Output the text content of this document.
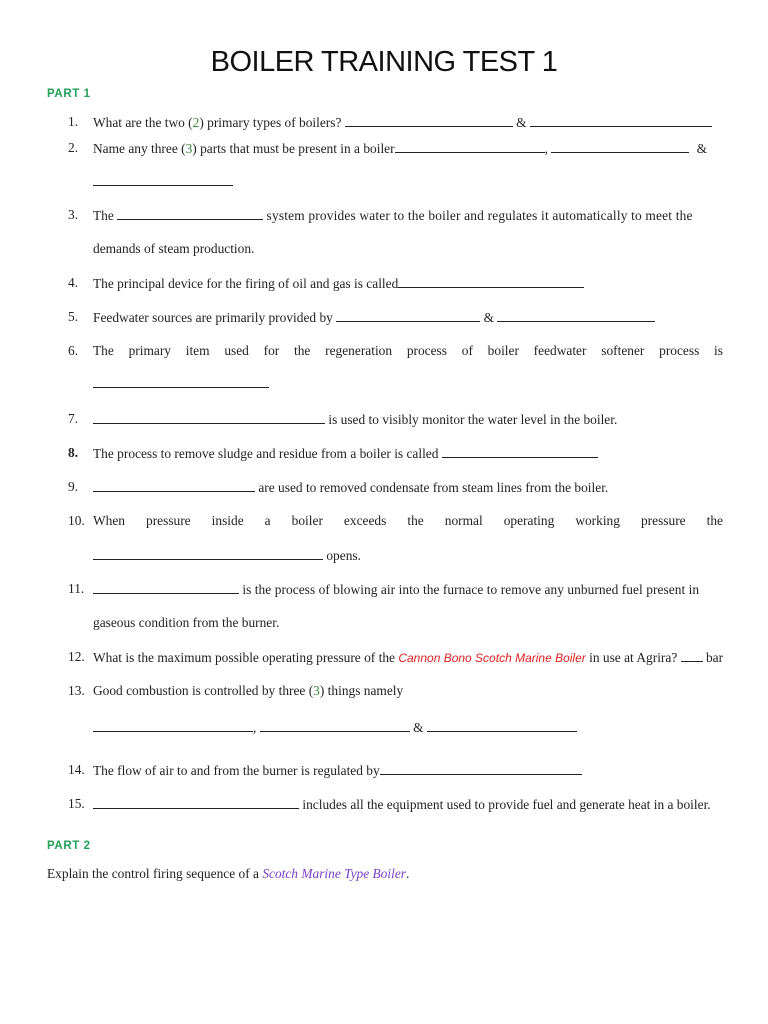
BOILER TRAINING TEST 1
PART 1
1.	What are the two (2) primary types of boilers?	&
2.	Name any three (3) parts that must be present in a boiler	,	&
3.	The	system provides water to the boiler and regulates it automatically to meet the
demands of steam production.
4.	The principal device for the firing of oil and gas is called
5.	Feedwater sources are primarily provided by	&
6.	The primary item used for the regeneration process of boiler feedwater softener process is
7.	is used to visibly monitor the water level in the boiler.
8.	The process to remove sludge and residue from a boiler is called
9.	are used to removed condensate from steam lines from the boiler.
10. When pressure inside a boiler exceeds the normal operating working pressure the
opens.
11.	is the process of blowing air into the furnace to remove any unburned fuel present in
gaseous condition from the burner.
12. What is the maximum possible operating pressure of the Cannon Bono Scotch Marine Boiler in use at Agrira? bar
13. Good combustion is controlled by three (3) things namely
,	&
14. The flow of air to and from the burner is regulated by
15.	includes all the equipment used to provide fuel and generate heat in a boiler.
PART 2
Explain the control firing sequence of a Scotch Marine Type Boiler.
